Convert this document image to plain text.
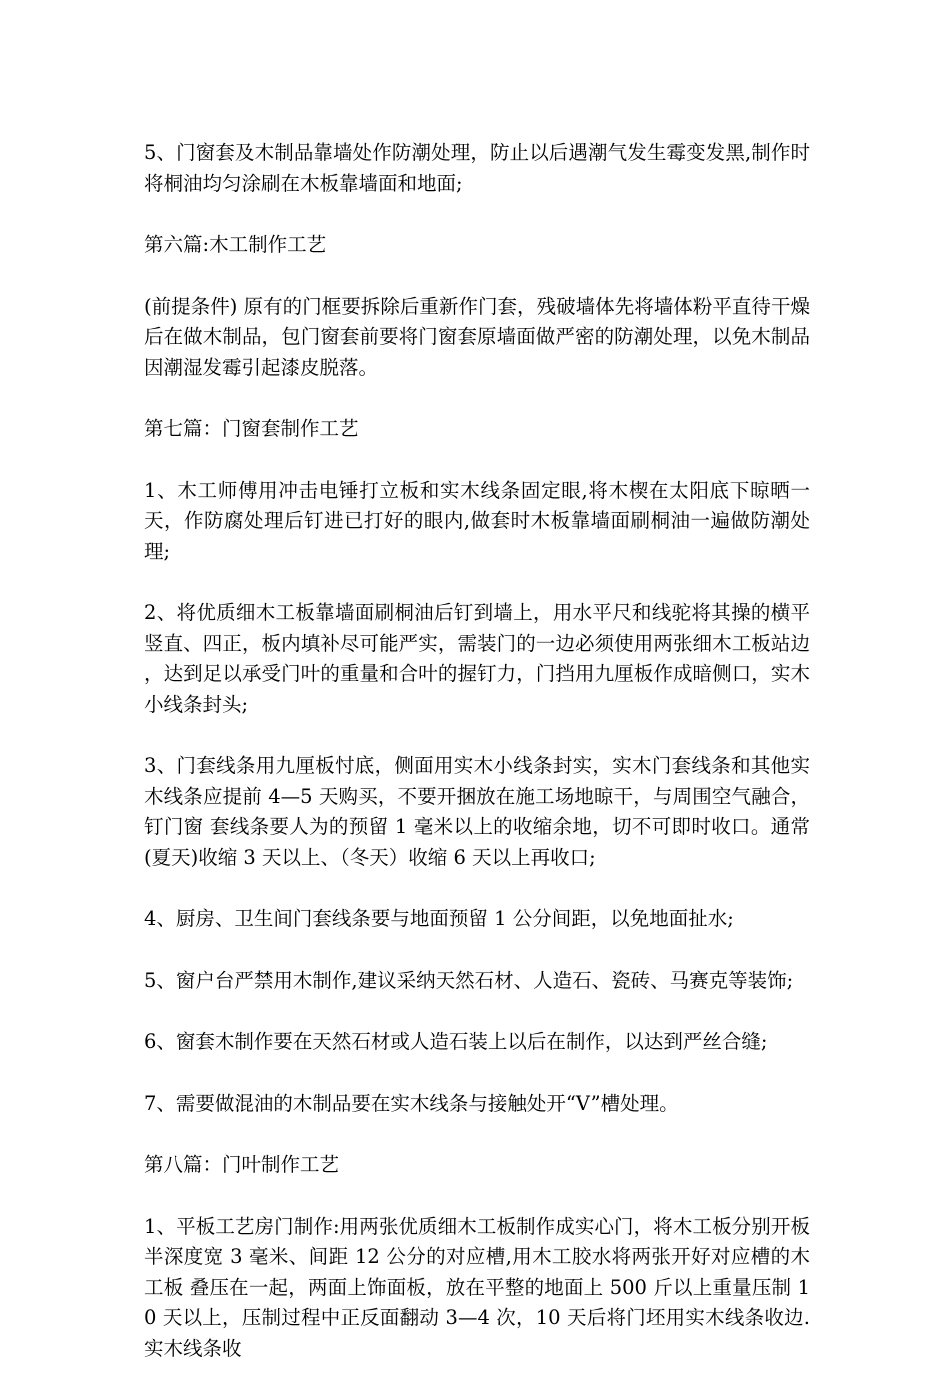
5、门窗套及木制品靠墙处作防潮处理，防止以后遇潮气发生霉变发黑,制作时将桐油均匀涂刷在木板靠墙面和地面;

第六篇:木工制作工艺

(前提条件) 原有的门框要拆除后重新作门套，残破墙体先将墙体粉平直待干燥后在做木制品，包门窗套前要将门窗套原墙面做严密的防潮处理，以免木制品因潮湿发霉引起漆皮脱落。

第七篇：门窗套制作工艺

1、木工师傅用冲击电锤打立板和实木线条固定眼,将木楔在太阳底下晾晒一天，作防腐处理后钉进已打好的眼内,做套时木板靠墙面刷桐油一遍做防潮处理;

2、将优质细木工板靠墙面刷桐油后钉到墙上，用水平尺和线驼将其操的横平竖直、四正，板内填补尽可能严实，需装门的一边必须使用两张细木工板站边 ，达到足以承受门叶的重量和合叶的握钉力，门挡用九厘板作成暗侧口，实木小线条封头;

3、门套线条用九厘板忖底，侧面用实木小线条封实，实木门套线条和其他实木线条应提前 4—5 天购买，不要开捆放在施工场地晾干，与周围空气融合，钉门窗 套线条要人为的预留 1 毫米以上的收缩余地，切不可即时收口。通常(夏天)收缩 3 天以上、（冬天）收缩 6 天以上再收口;

4、厨房、卫生间门套线条要与地面预留 1 公分间距，以免地面扯水;

5、窗户台严禁用木制作,建议采纳天然石材、人造石、瓷砖、马赛克等装饰;

6、窗套木制作要在天然石材或人造石装上以后在制作，以达到严丝合缝;

7、需要做混油的木制品要在实木线条与接触处开“V”槽处理。

第八篇：门叶制作工艺

1、平板工艺房门制作:用两张优质细木工板制作成实心门，将木工板分别开板半深度宽 3 毫米、间距 12 公分的对应槽,用木工胶水将两张开好对应槽的木工板 叠压在一起，两面上饰面板，放在平整的地面上 500 斤以上重量压制 10 天以上，压制过程中正反面翻动 3—4 次，10 天后将门坯用实木线条收边.实木线条收
